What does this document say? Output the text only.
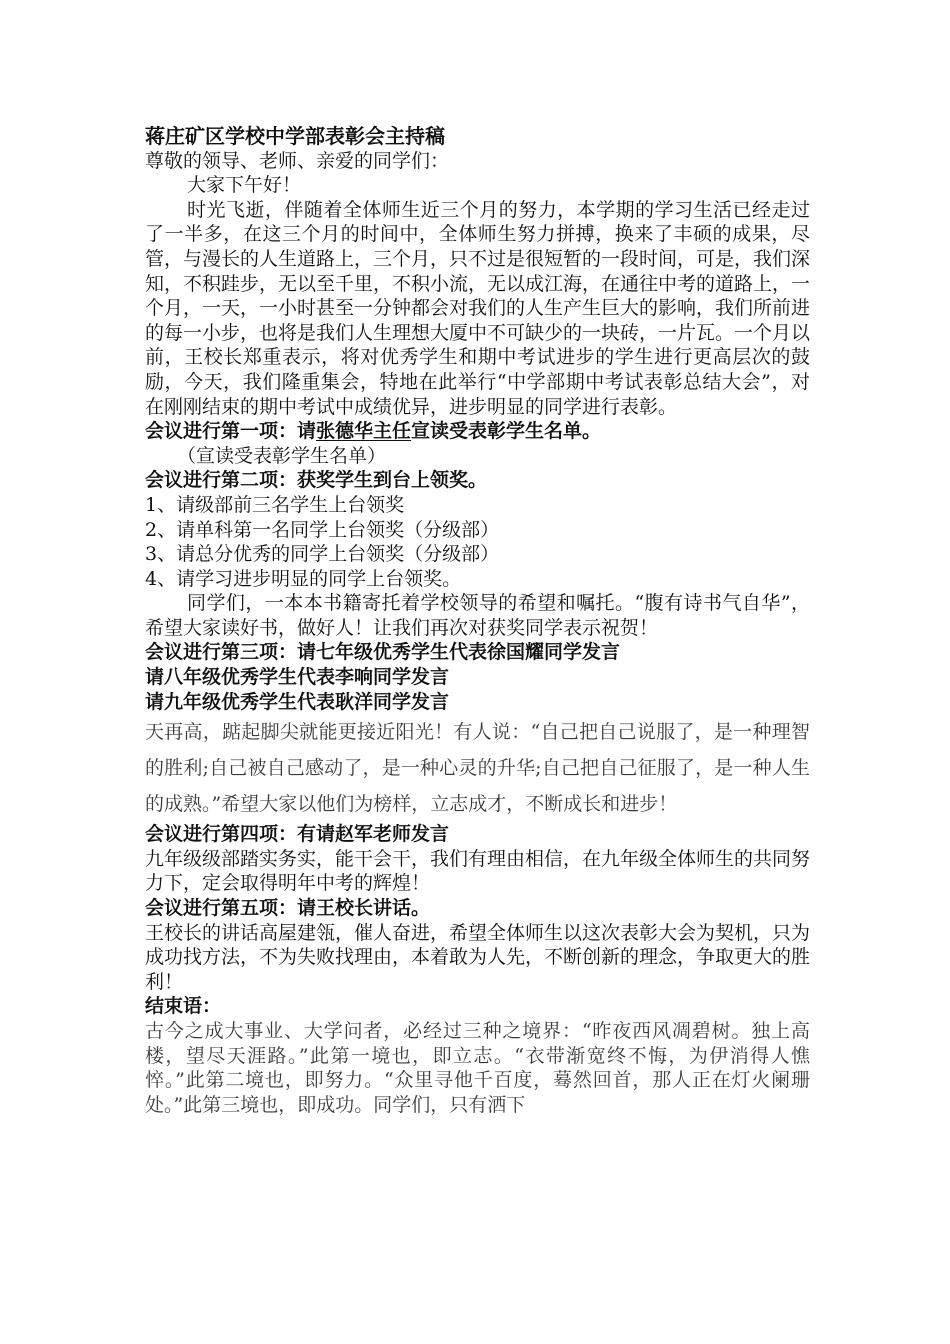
蒋庄矿区学校中学部表彰会主持稿

尊敬的领导、老师、亲爱的同学们：

大家下午好！

时光飞逝，伴随着全体师生近三个月的努力，本学期的学习生活已经走过了一半多，在这三个月的时间中，全体师生努力拼搏，换来了丰硕的成果，尽管，与漫长的人生道路上，三个月，只不过是很短暂的一段时间，可是，我们深知，不积跬步，无以至千里，不积小流，无以成江海，在通往中考的道路上，一个月，一天，一小时甚至一分钟都会对我们的人生产生巨大的影响，我们所前进的每一小步，也将是我们人生理想大厦中不可缺少的一块砖，一片瓦。一个月以前，王校长郑重表示，将对优秀学生和期中考试进步的学生进行更高层次的鼓励，今天，我们隆重集会，特地在此举行“中学部期中考试表彰总结大会”，对在刚刚结束的期中考试中成绩优异，进步明显的同学进行表彰。

会议进行第一项：请张德华主任宣读受表彰学生名单。

（宣读受表彰学生名单）

会议进行第二项：获奖学生到台上领奖。

1、请级部前三名学生上台领奖

2、请单科第一名同学上台领奖（分级部）

3、请总分优秀的同学上台领奖（分级部）

4、请学习进步明显的同学上台领奖。

同学们，一本本书籍寄托着学校领导的希望和嘱托。“腹有诗书气自华”，希望大家读好书，做好人！让我们再次对获奖同学表示祝贺！

会议进行第三项：请七年级优秀学生代表徐国耀同学发言

请八年级优秀学生代表李响同学发言

请九年级优秀学生代表耿洋同学发言

天再高，踮起脚尖就能更接近阳光！有人说：“自己把自己说服了，是一种理智的胜利;自己被自己感动了，是一种心灵的升华;自己把自己征服了，是一种人生的成熟。”希望大家以他们为榜样，立志成才，不断成长和进步！

会议进行第四项：有请赵军老师发言

九年级级部踏实务实，能干会干，我们有理由相信，在九年级全体师生的共同努力下，定会取得明年中考的辉煌！

会议进行第五项：请王校长讲话。

王校长的讲话高屋建瓴，催人奋进，希望全体师生以这次表彰大会为契机，只为成功找方法，不为失败找理由，本着敢为人先，不断创新的理念，争取更大的胜利！

结束语：

古今之成大事业、大学问者，必经过三种之境界：“昨夜西风凋碧树。独上高楼，望尽天涯路。”此第一境也，即立志。“衣带渐宽终不悔，为伊消得人憔悴。”此第二境也，即努力。“众里寻他千百度，蓦然回首，那人正在灯火阑珊处。”此第三境也，即成功。同学们，只有洒下
